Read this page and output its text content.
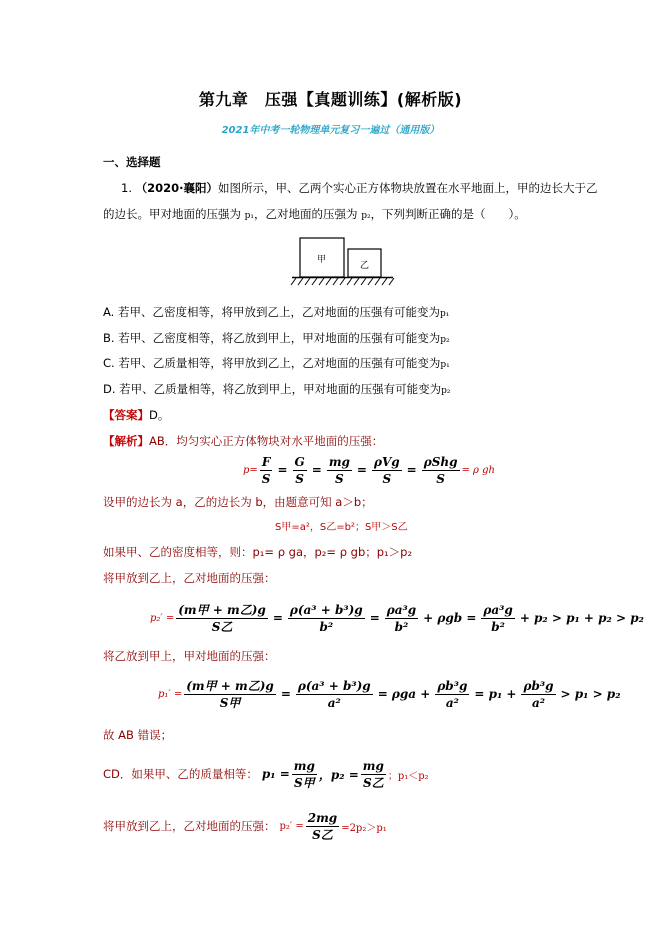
第九章　压强【真题训练】(解析版)
2021年中考一轮物理单元复习一遍过（通用版）
一、选择题
1. （2020·襄阳）如图所示，甲、乙两个实心正方体物块放置在水平地面上，甲的边长大于乙
的边长。甲对地面的压强为 p₁，乙对地面的压强为 p₂，下列判断正确的是（　　）。
甲
乙
A. 若甲、乙密度相等，将甲放到乙上，乙对地面的压强有可能变为p₁
B. 若甲、乙密度相等，将乙放到甲上，甲对地面的压强有可能变为p₂
C. 若甲、乙质量相等，将甲放到乙上，乙对地面的压强有可能变为p₁
D. 若甲、乙质量相等，将乙放到甲上，甲对地面的压强有可能变为p₂
【答案】D。
【解析】AB．均匀实心正方体物块对水平地面的压强：
$p= \frac{F}{S} = \frac{G}{S} = \frac{mg}{S} = \frac{\text{ρVg}}{S} = \frac{\text{ρShg}}{S} = \rho$ gh
设甲的边长为 a，乙的边长为 b，由题意可知 a＞b；
S甲=a²，S乙=b²；S甲＞S乙
如果甲、乙的密度相等，则：p₁= ρ ga，p₂= ρ gb；p₁＞p₂
将甲放到乙上，乙对地面的压强：
$p_2' = \frac{\text{(m甲 + m乙)g}}{\text{S乙}} = \frac{\text{ρ(a³ + b³)g}}{\text{b²}} = \frac{\text{ρa³g}}{\text{b²}} + \rho gb = \frac{\text{ρa³g}}{\text{b²}} + p_2 > p_1 + p_2 > p_2$
将乙放到甲上，甲对地面的压强：
$p_1' = \frac{\text{(m甲 + m乙)g}}{\text{S甲}} = \frac{\text{ρ(a³ + b³)g}}{\text{a²}} = \rho ga + \frac{\text{ρb³g}}{\text{a²}} = p_1 + \frac{\text{ρb³g}}{\text{a²}} > p_1 > p_2$
故 AB 错误；
CD．如果甲、乙的质量相等： $p_1 = \frac{mg}{\text{S甲}}$ ，$p_2 = \frac{mg}{\text{S乙}}$ ；p₁＜p₂
将甲放到乙上，乙对地面的压强： $p_2' = \frac{2mg}{\text{S乙}} =2p_2>p_1$
